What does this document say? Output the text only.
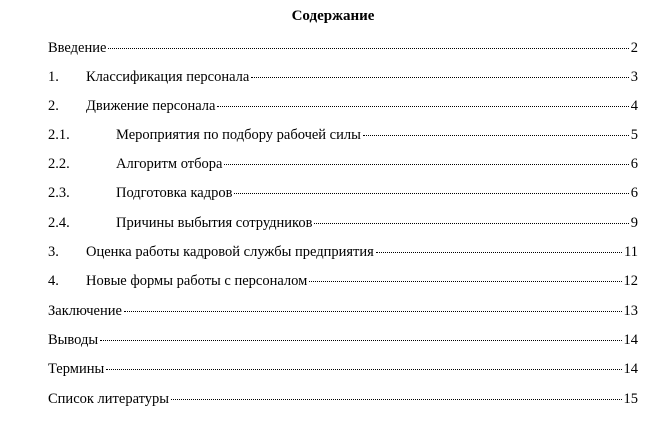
Содержание
Введение	2
1.	Классификация персонала	3
2.	Движение персонала	4
2.1.	Мероприятия по подбору рабочей силы	5
2.2.	Алгоритм отбора	6
2.3.	Подготовка кадров	6
2.4.	Причины выбытия сотрудников	9
3.	Оценка работы кадровой службы предприятия	11
4.	Новые формы работы с персоналом	12
Заключение	13
Выводы	14
Термины	14
Список литературы	15
